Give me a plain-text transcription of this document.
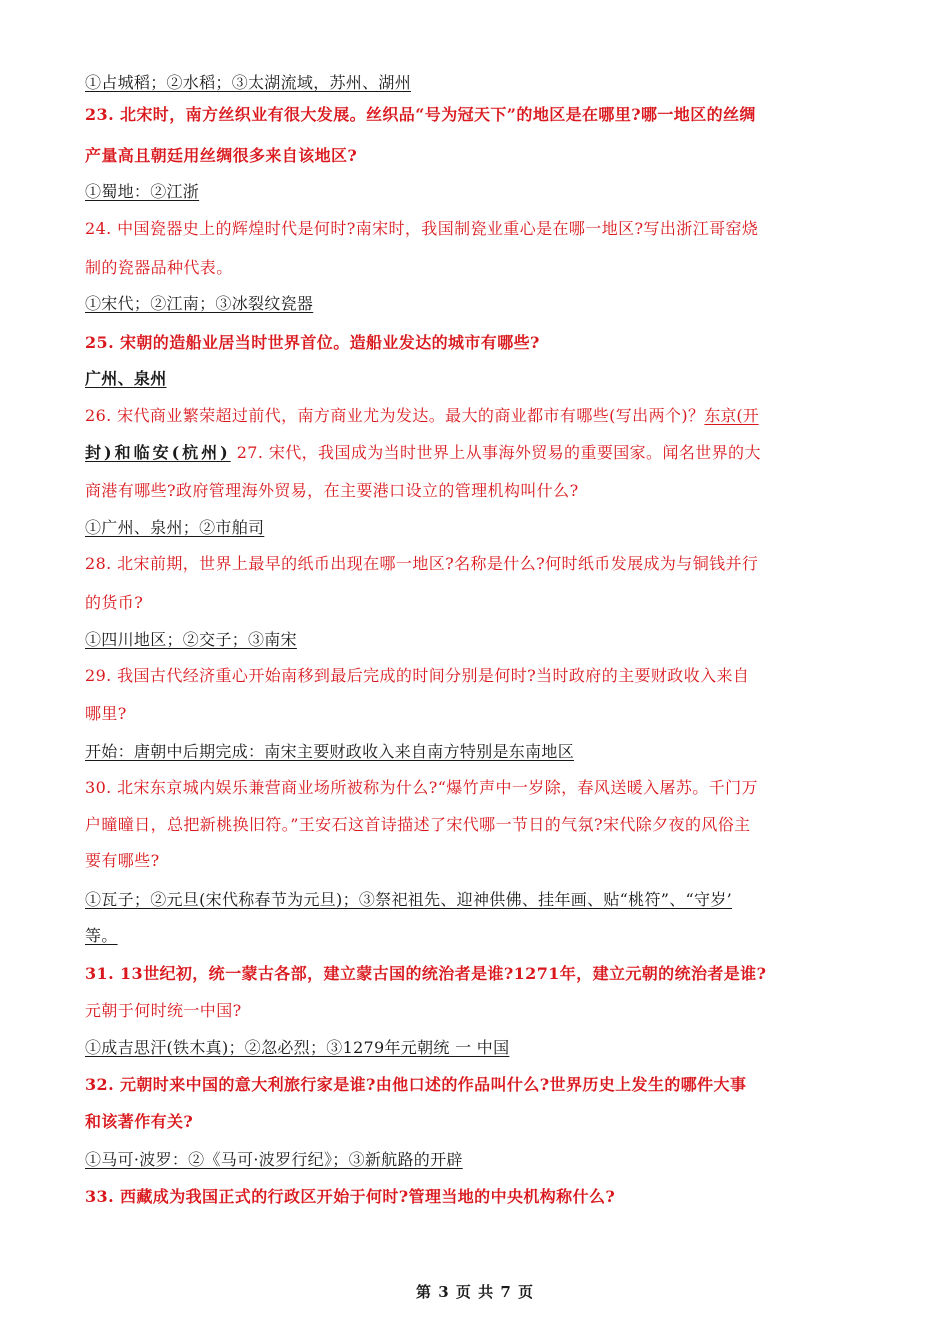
①占城稻；②水稻；③太湖流域，苏州、湖州
23. 北宋时，南方丝织业有很大发展。丝织品“号为冠天下”的地区是在哪里?哪一地区的丝绸
产量高且朝廷用丝绸很多来自该地区?
①蜀地：②江浙
24. 中国瓷器史上的辉煌时代是何时?南宋时，我国制瓷业重心是在哪一地区?写出浙江哥窑烧
制的瓷器品种代表。
①宋代；②江南；③冰裂纹瓷器
25. 宋朝的造船业居当时世界首位。造船业发达的城市有哪些?
广州、泉州
26. 宋代商业繁荣超过前代，南方商业尤为发达。最大的商业都市有哪些(写出两个)？东京(开
封)和临安(杭州) 27. 宋代，我国成为当时世界上从事海外贸易的重要国家。闻名世界的大
商港有哪些?政府管理海外贸易，在主要港口设立的管理机构叫什么?
①广州、泉州；②市舶司
28. 北宋前期，世界上最早的纸币出现在哪一地区?名称是什么?何时纸币发展成为与铜钱并行
的货币?
①四川地区；②交子；③南宋
29. 我国古代经济重心开始南移到最后完成的时间分别是何时?当时政府的主要财政收入来自
哪里?
开始：唐朝中后期完成：南宋主要财政收入来自南方特别是东南地区
30. 北宋东京城内娱乐兼营商业场所被称为什么?“爆竹声中一岁除，春风送暖入屠苏。千门万
户曈曈日，总把新桃换旧符。”王安石这首诗描述了宋代哪一节日的气氛?宋代除夕夜的风俗主
要有哪些?
①瓦子；②元旦(宋代称春节为元旦)；③祭祀祖先、迎神供佛、挂年画、贴“桃符”、“守岁’
等。
31. 13世纪初，统一蒙古各部，建立蒙古国的统治者是谁?1271年，建立元朝的统治者是谁?
元朝于何时统一中国?
①成吉思汗(铁木真)；②忽必烈；③1279年元朝统 一 中国
32. 元朝时来中国的意大利旅行家是谁?由他口述的作品叫什么?世界历史上发生的哪件大事
和该著作有关?
①马可·波罗：②《马可·波罗行纪》；③新航路的开辟
33. 西藏成为我国正式的行政区开始于何时?管理当地的中央机构称什么?
第 3 页 共 7 页
